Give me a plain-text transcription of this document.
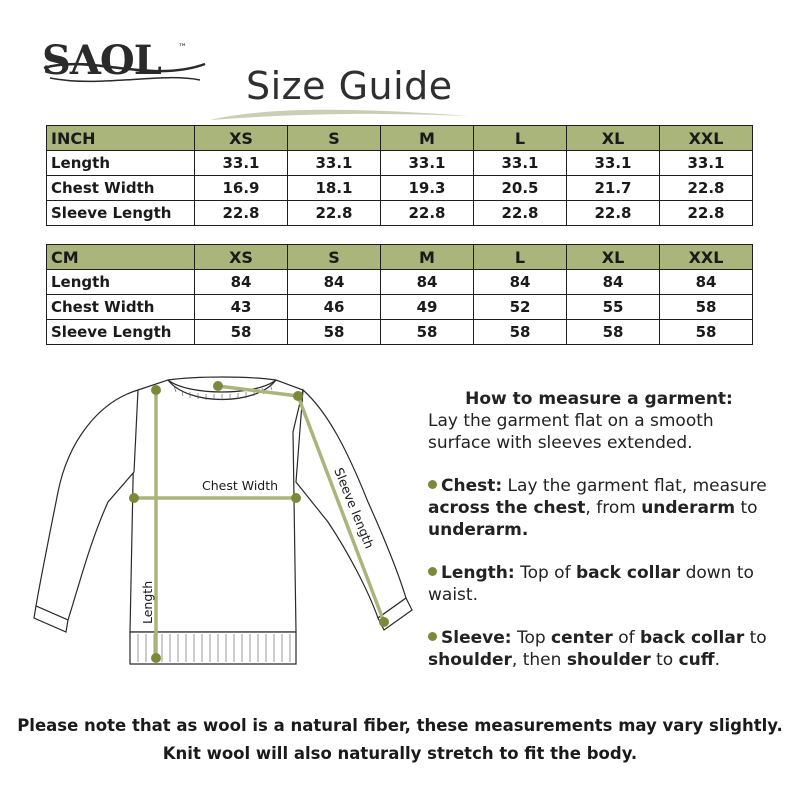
SAOL ™
Size Guide
INCH	XS	S	M	L	XL	XXL
Length	33.1	33.1	33.1	33.1	33.1	33.1
Chest Width	16.9	18.1	19.3	20.5	21.7	22.8
Sleeve Length	22.8	22.8	22.8	22.8	22.8	22.8
CM	XS	S	M	L	XL	XXL
Length	84	84	84	84	84	84
Chest Width	43	46	49	52	55	58
Sleeve Length	58	58	58	58	58	58
Chest Width	Sleeve length
Length

How to measure a garment:
Lay the garment flat on a smooth surface with sleeves extended.

Chest: Lay the garment flat, measure across the chest, from underarm to underarm.

Length: Top of back collar down to waist.

Sleeve: Top center of back collar to shoulder, then shoulder to cuff.

Please note that as wool is a natural fiber, these measurements may vary slightly.
Knit wool will also naturally stretch to fit the body.
